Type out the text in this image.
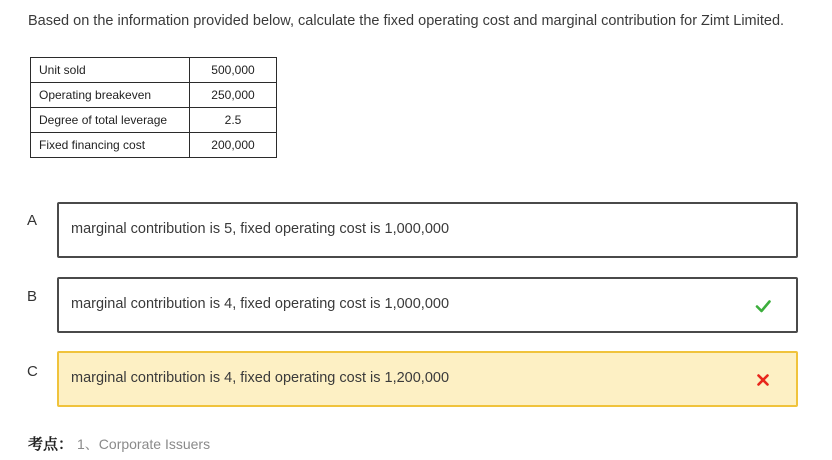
Based on the information provided below, calculate the fixed operating cost and marginal contribution for Zimt Limited.
Unit sold	500,000
Operating breakeven	250,000
Degree of total leverage	2.5
Fixed financing cost	200,000
A marginal contribution is 5, fixed operating cost is 1,000,000
B marginal contribution is 4, fixed operating cost is 1,000,000
C marginal contribution is 4, fixed operating cost is 1,200,000
考点： 1、Corporate Issuers
